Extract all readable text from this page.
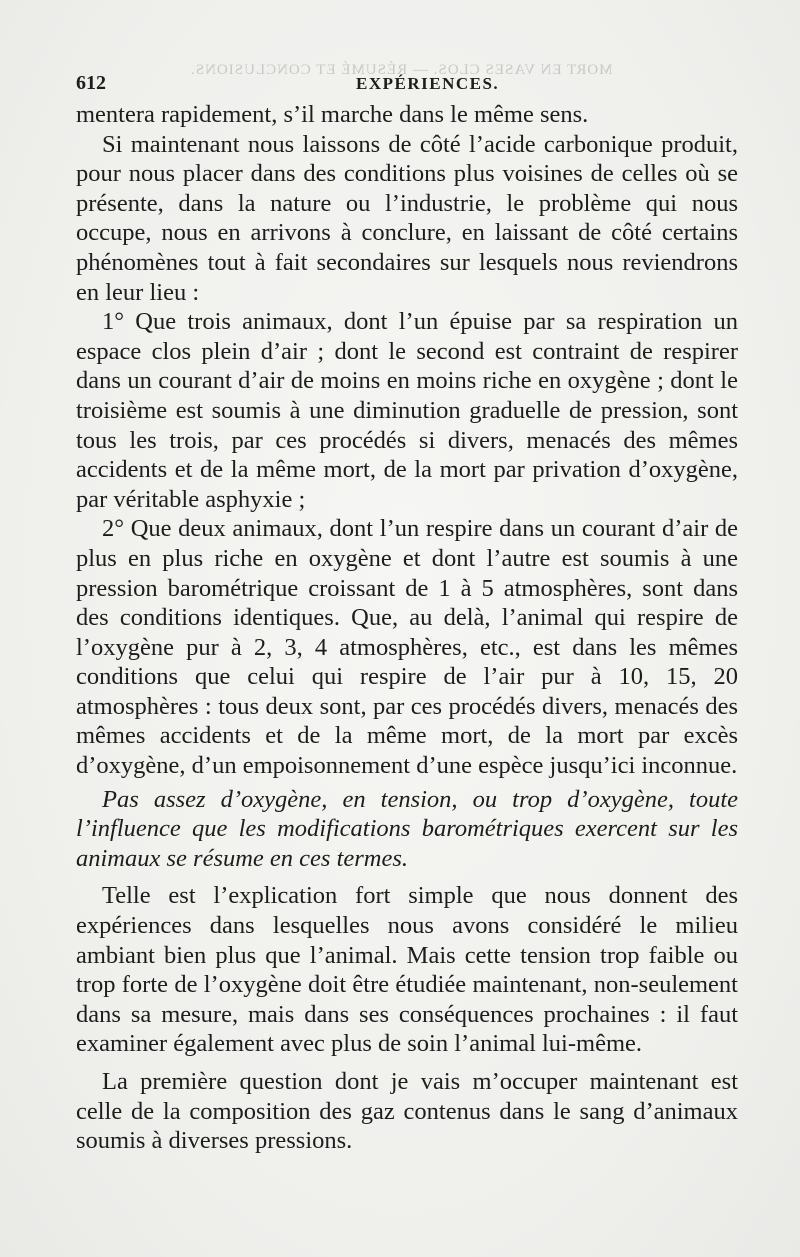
MORT EN VASES CLOS. — RÉSUMÉ ET CONCLUSIONS.
612	EXPÉRIENCES.

mentera rapidement, s’il marche dans le même sens.

Si maintenant nous laissons de côté l’acide carbonique produit, pour nous placer dans des conditions plus voisines de celles où se présente, dans la nature ou l’industrie, le problème qui nous occupe, nous en arrivons à conclure, en laissant de côté certains phénomènes tout à fait secondaires sur lesquels nous reviendrons en leur lieu :

1° Que trois animaux, dont l’un épuise par sa respiration un espace clos plein d’air ; dont le second est contraint de respirer dans un courant d’air de moins en moins riche en oxygène ; dont le troisième est soumis à une diminution graduelle de pression, sont tous les trois, par ces procédés si divers, menacés des mêmes accidents et de la même mort, de la mort par privation d’oxygène, par véritable asphyxie ;

2° Que deux animaux, dont l’un respire dans un courant d’air de plus en plus riche en oxygène et dont l’autre est soumis à une pression barométrique croissant de 1 à 5 atmosphères, sont dans des conditions identiques. Que, au delà, l’animal qui respire de l’oxygène pur à 2, 3, 4 atmosphères, etc., est dans les mêmes conditions que celui qui respire de l’air pur à 10, 15, 20 atmosphères : tous deux sont, par ces procédés divers, menacés des mêmes accidents et de la même mort, de la mort par excès d’oxygène, d’un empoisonnement d’une espèce jusqu’ici inconnue.

Pas assez d’oxygène, en tension, ou trop d’oxygène, toute l’influence que les modifications barométriques exercent sur les animaux se résume en ces termes.

Telle est l’explication fort simple que nous donnent des expériences dans lesquelles nous avons considéré le milieu ambiant bien plus que l’animal. Mais cette tension trop faible ou trop forte de l’oxygène doit être étudiée maintenant, non-seulement dans sa mesure, mais dans ses conséquences prochaines : il faut examiner également avec plus de soin l’animal lui-même.

La première question dont je vais m’occuper maintenant est celle de la composition des gaz contenus dans le sang d’animaux soumis à diverses pressions.
